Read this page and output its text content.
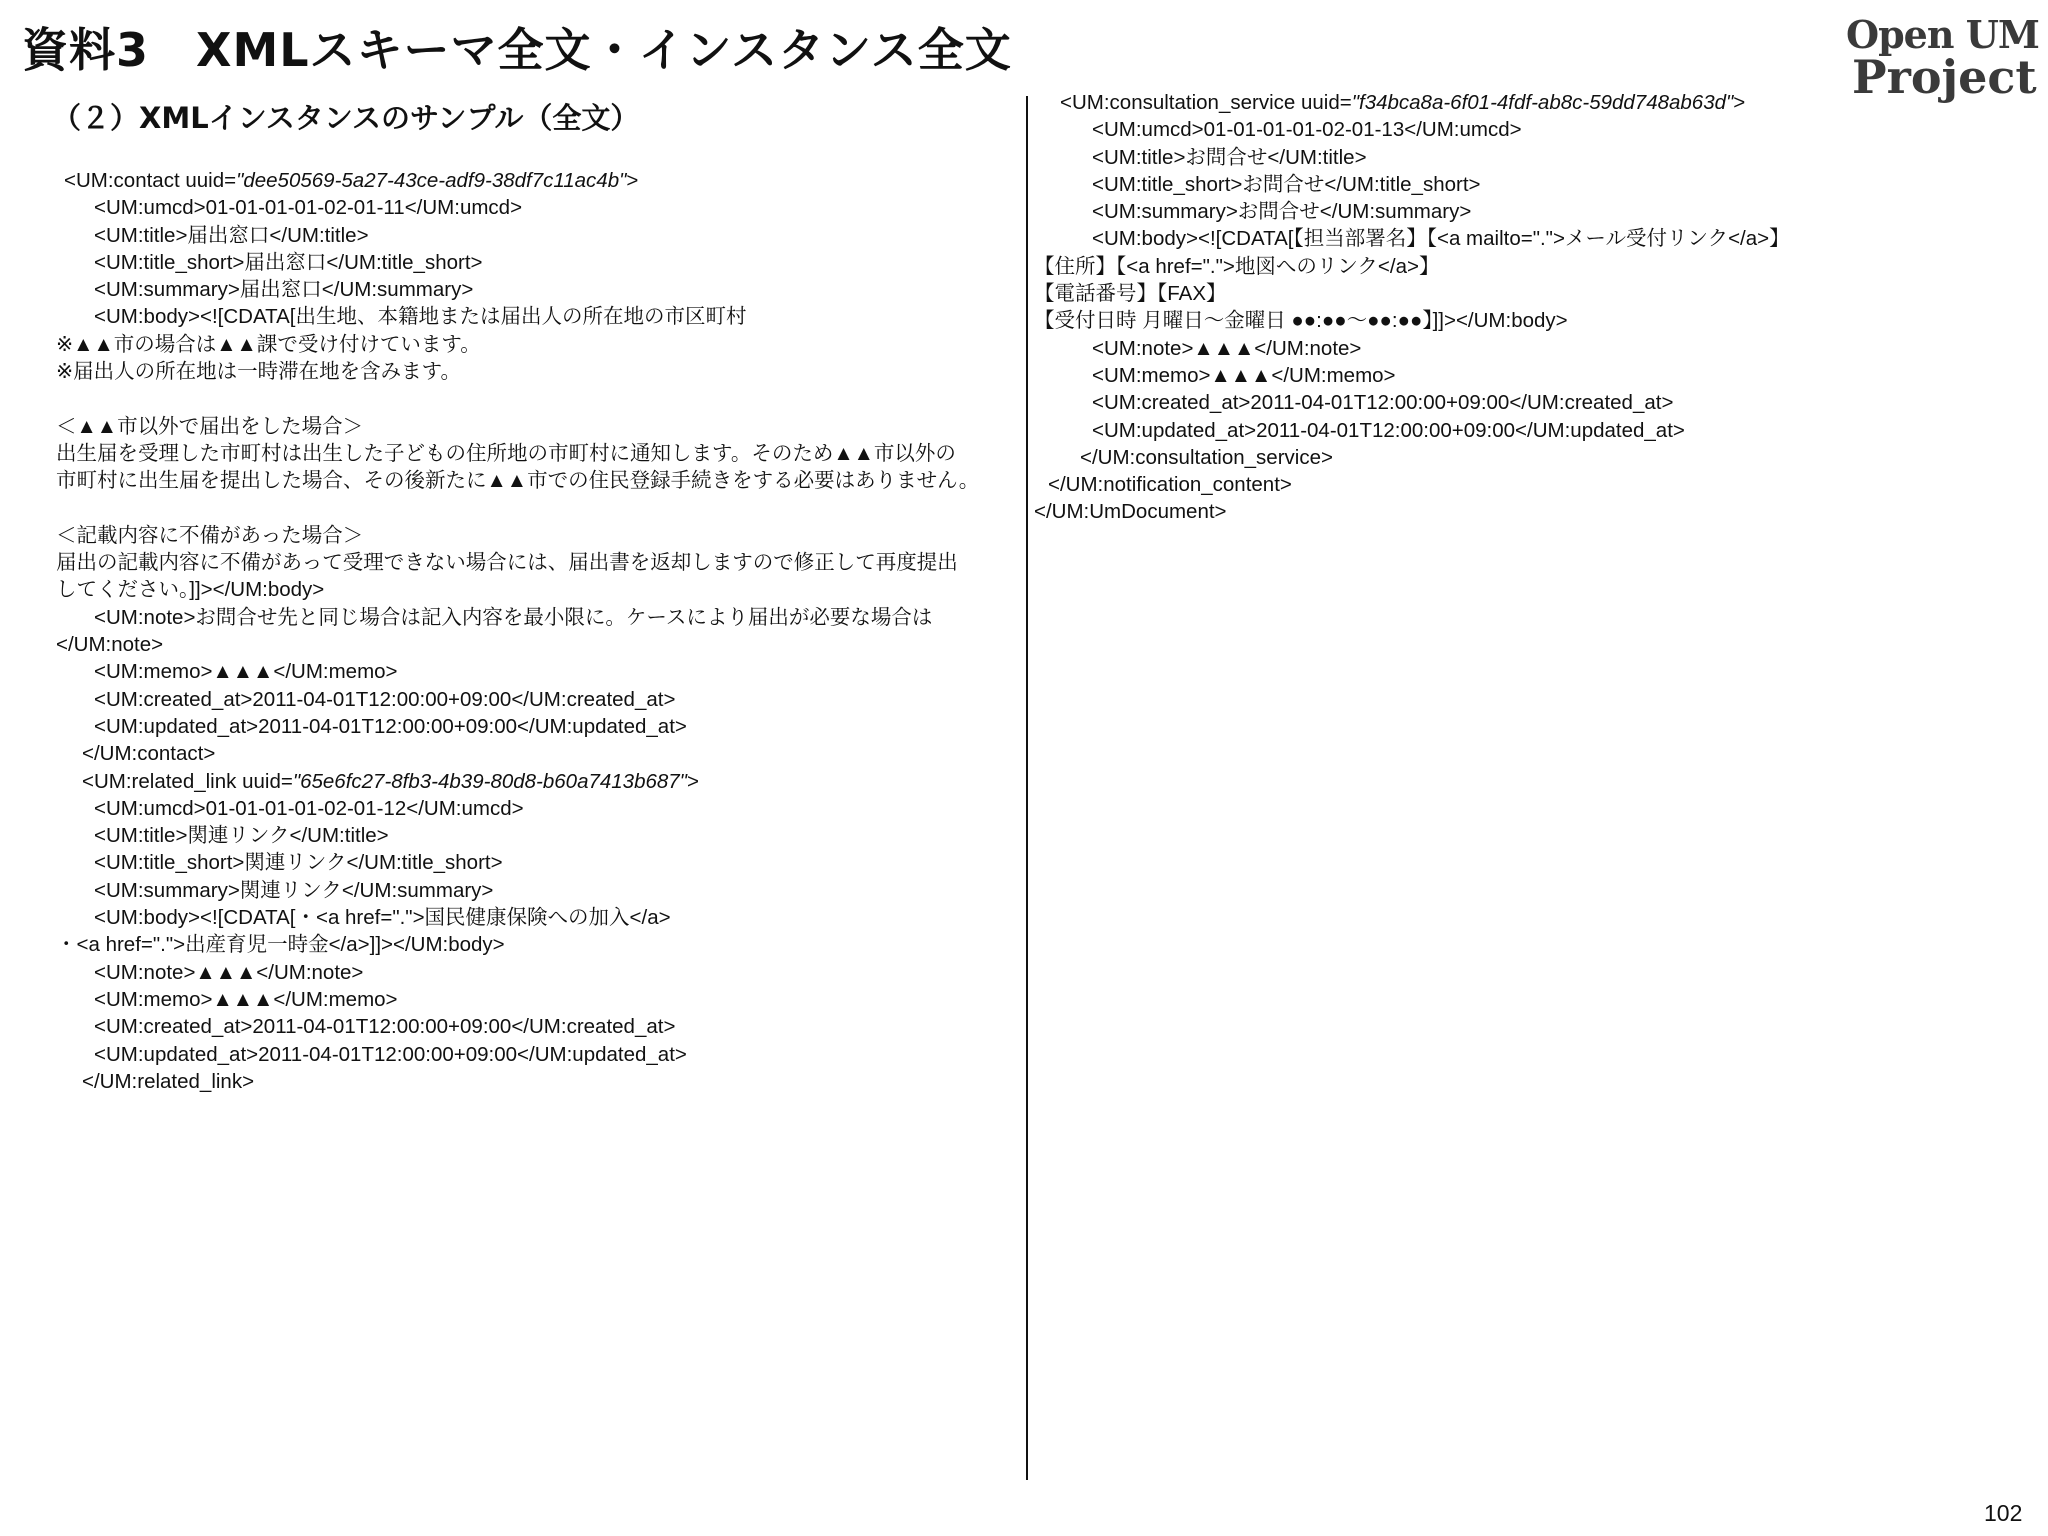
資料3　XMLスキーマ全文・インスタンス全文	Open UM
Project
（２）XMLインスタンスのサンプル（全文）
<UM:contact uuid="dee50569-5a27-43ce-adf9-38df7c11ac4b">
<UM:umcd>01-01-01-01-02-01-11</UM:umcd>
<UM:title>届出窓口</UM:title>
<UM:title_short>届出窓口</UM:title_short>
<UM:summary>届出窓口</UM:summary>
<UM:body><![CDATA[出生地、本籍地または届出人の所在地の市区町村
※▲▲市の場合は▲▲課で受け付けています。
※届出人の所在地は一時滞在地を含みます。
＜▲▲市以外で届出をした場合＞
出生届を受理した市町村は出生した子どもの住所地の市町村に通知します。そのため▲▲市以外の
市町村に出生届を提出した場合、その後新たに▲▲市での住民登録手続きをする必要はありません。
＜記載内容に不備があった場合＞
届出の記載内容に不備があって受理できない場合には、届出書を返却しますので修正して再度提出
してください。]]></UM:body>
<UM:note>お問合せ先と同じ場合は記入内容を最小限に。ケースにより届出が必要な場合は
</UM:note>
<UM:memo>▲▲▲</UM:memo>
<UM:created_at>2011-04-01T12:00:00+09:00</UM:created_at>
<UM:updated_at>2011-04-01T12:00:00+09:00</UM:updated_at>
</UM:contact>
<UM:related_link uuid="65e6fc27-8fb3-4b39-80d8-b60a7413b687">
<UM:umcd>01-01-01-01-02-01-12</UM:umcd>
<UM:title>関連リンク</UM:title>
<UM:title_short>関連リンク</UM:title_short>
<UM:summary>関連リンク</UM:summary>
<UM:body><![CDATA[・<a href=".">国民健康保険への加入</a>
・<a href=".">出産育児一時金</a>]]></UM:body>
<UM:note>▲▲▲</UM:note>
<UM:memo>▲▲▲</UM:memo>
<UM:created_at>2011-04-01T12:00:00+09:00</UM:created_at>
<UM:updated_at>2011-04-01T12:00:00+09:00</UM:updated_at>
</UM:related_link>
<UM:consultation_service uuid="f34bca8a-6f01-4fdf-ab8c-59dd748ab63d">
<UM:umcd>01-01-01-01-02-01-13</UM:umcd>
<UM:title>お問合せ</UM:title>
<UM:title_short>お問合せ</UM:title_short>
<UM:summary>お問合せ</UM:summary>
<UM:body><![CDATA[【担当部署名】【<a mailto=".">メール受付リンク</a>】
【住所】【<a href=".">地図へのリンク</a>】
【電話番号】【FAX】
【受付日時 月曜日～金曜日 ●●:●●～●●:●●】]]></UM:body>
<UM:note>▲▲▲</UM:note>
<UM:memo>▲▲▲</UM:memo>
<UM:created_at>2011-04-01T12:00:00+09:00</UM:created_at>
<UM:updated_at>2011-04-01T12:00:00+09:00</UM:updated_at>
</UM:consultation_service>
</UM:notification_content>
</UM:UmDocument>
102
